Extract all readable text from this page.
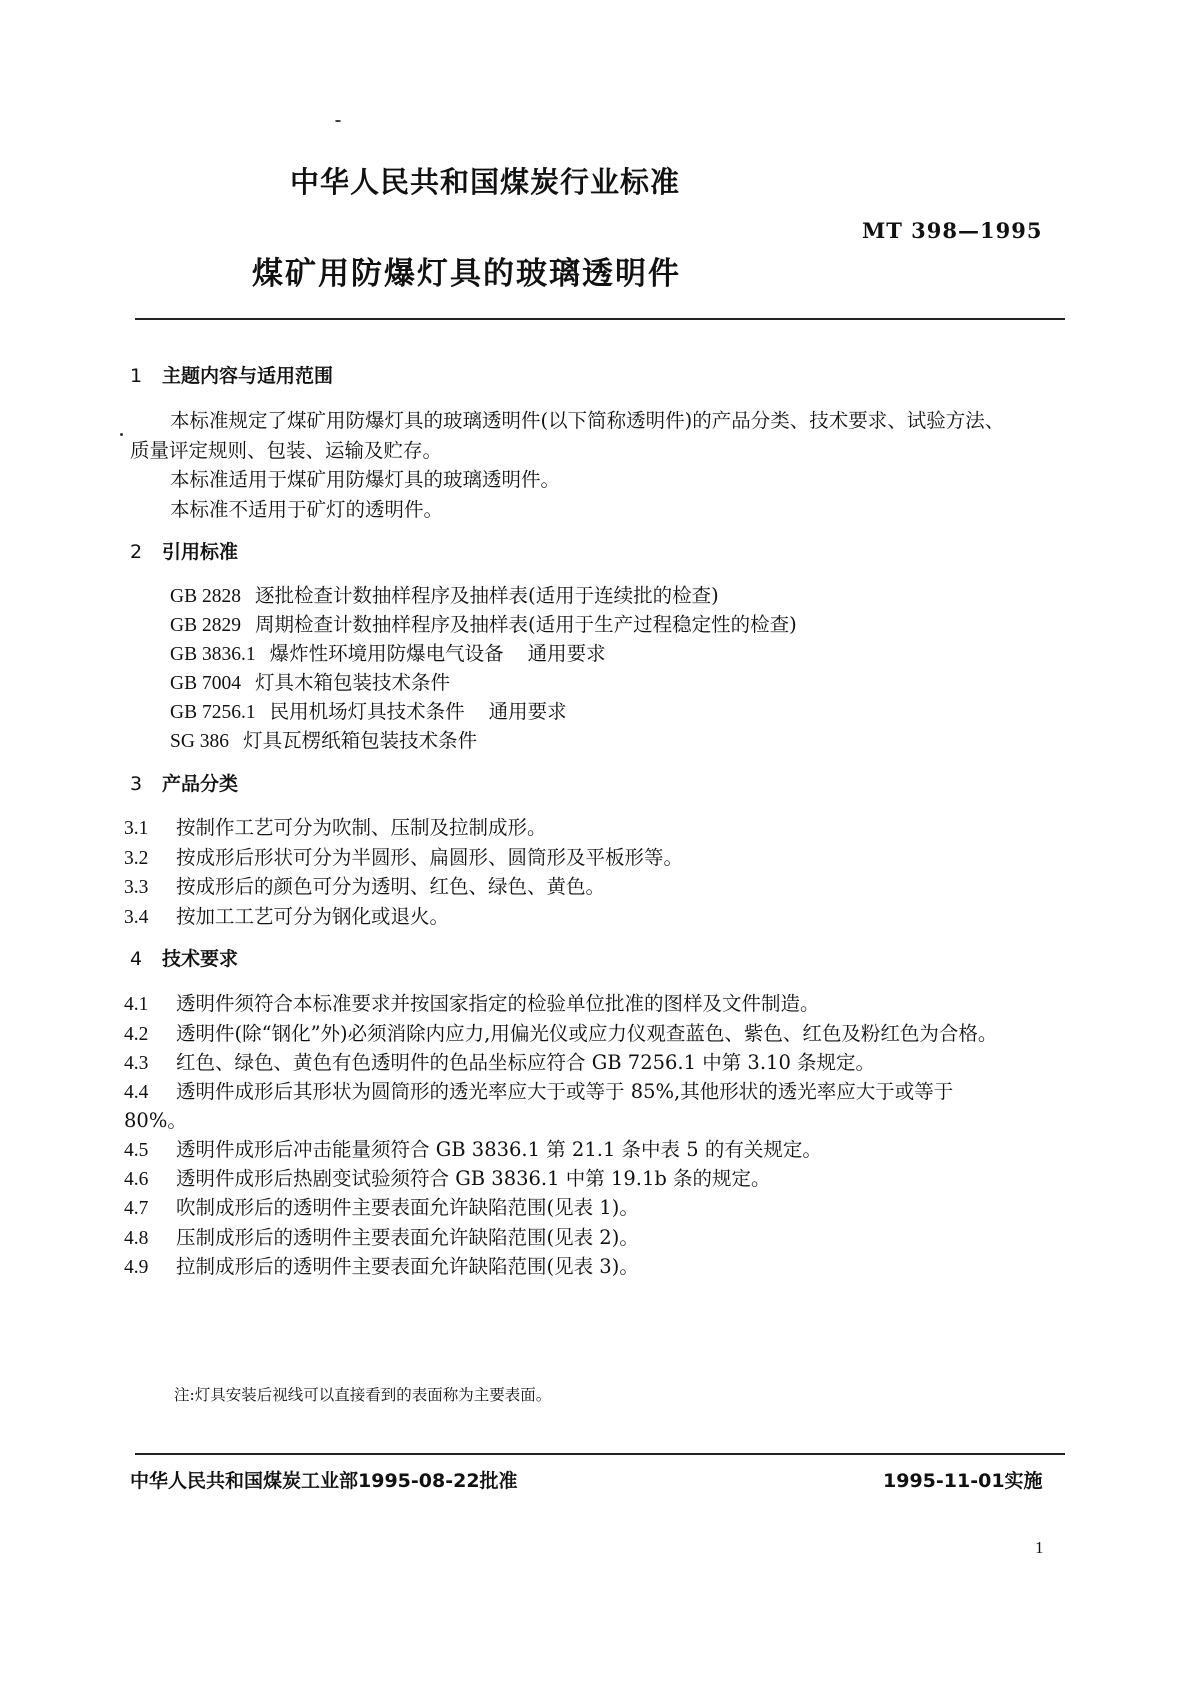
中华人民共和国煤炭行业标准
MT 398—1995
煤矿用防爆灯具的玻璃透明件
1 主题内容与适用范围
本标准规定了煤矿用防爆灯具的玻璃透明件(以下简称透明件)的产品分类、技术要求、试验方法、
质量评定规则、包装、运输及贮存。
本标准适用于煤矿用防爆灯具的玻璃透明件。
本标准不适用于矿灯的透明件。
2 引用标准
GB 2828 逐批检查计数抽样程序及抽样表(适用于连续批的检查)
GB 2829 周期检查计数抽样程序及抽样表(适用于生产过程稳定性的检查)
GB 3836.1 爆炸性环境用防爆电气设备 通用要求
GB 7004 灯具木箱包装技术条件
GB 7256.1 民用机场灯具技术条件 通用要求
SG 386 灯具瓦楞纸箱包装技术条件
3 产品分类
3.1 按制作工艺可分为吹制、压制及拉制成形。
3.2 按成形后形状可分为半圆形、扁圆形、圆筒形及平板形等。
3.3 按成形后的颜色可分为透明、红色、绿色、黄色。
3.4 按加工工艺可分为钢化或退火。
4 技术要求
4.1 透明件须符合本标准要求并按国家指定的检验单位批准的图样及文件制造。
4.2 透明件(除“钢化”外)必须消除内应力,用偏光仪或应力仪观查蓝色、紫色、红色及粉红色为合格。
4.3 红色、绿色、黄色有色透明件的色品坐标应符合 GB 7256.1 中第 3.10 条规定。
4.4 透明件成形后其形状为圆筒形的透光率应大于或等于 85%,其他形状的透光率应大于或等于
80%。
4.5 透明件成形后冲击能量须符合 GB 3836.1 第 21.1 条中表 5 的有关规定。
4.6 透明件成形后热剧变试验须符合 GB 3836.1 中第 19.1b 条的规定。
4.7 吹制成形后的透明件主要表面允许缺陷范围(见表 1)。
4.8 压制成形后的透明件主要表面允许缺陷范围(见表 2)。
4.9 拉制成形后的透明件主要表面允许缺陷范围(见表 3)。
注:灯具安装后视线可以直接看到的表面称为主要表面。
中华人民共和国煤炭工业部1995-08-22批准	1995-11-01实施
1
